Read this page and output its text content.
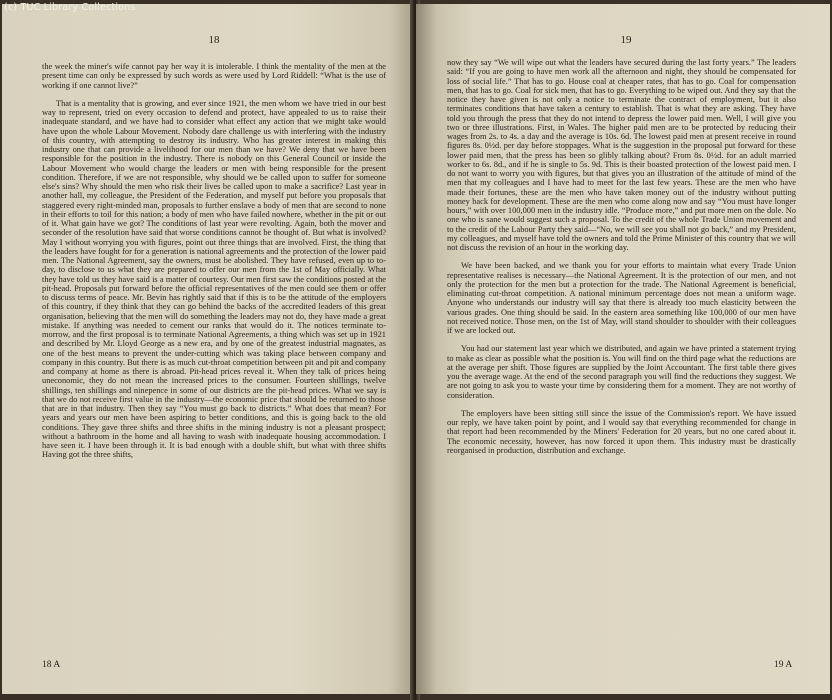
(c) TUC Library Collections
18

the week the miner's wife cannot pay her way it is intolerable. I think the mentality of the men at the present time can only be expressed by such words as were used by Lord Riddell: “What is the use of working if one cannot live?”

That is a mentality that is growing, and ever since 1921, the men whom we have tried in our best way to represent, tried on every occasion to defend and protect, have appealed to us to raise their inadequate standard, and we have had to consider what effect any action that we might take would have upon the whole Labour Movement. Nobody dare challenge us with interfering with the industry of this country, with attempting to destroy its industry. Who has greater interest in making this industry one that can provide a livelihood for our men than we have? We deny that we have been responsible for the position in the industry. There is nobody on this General Council or inside the Labour Movement who would charge the leaders or men with being responsible for the present condition. Therefore, if we are not responsible, why should we be called upon to suffer for someone else's sins? Why should the men who risk their lives be called upon to make a sacrifice? Last year in another hall, my colleague, the President of the Federation, and myself put before you proposals that staggered every right-minded man, proposals to further enslave a body of men that are second to none in their efforts to toil for this nation; a body of men who have failed nowhere, whether in the pit or out of it. What gain have we got? The conditions of last year were revolting. Again, both the mover and seconder of the resolution have said that worse conditions cannot be thought of. But what is involved? May I without worrying you with figures, point out three things that are involved. First, the thing that the leaders have fought for for a generation is national agreements and the protection of the lower paid men. The National Agreement, say the owners, must be abolished. They have refused, even up to to-day, to disclose to us what they are prepared to offer our men from the 1st of May officially. What they have told us they have said is a matter of courtesy. Our men first saw the conditions posted at the pit-head. Proposals put forward before the official representatives of the men could see them or offer to discuss terms of peace. Mr. Bevin has rightly said that if this is to be the attitude of the employers of this country, if they think that they can go behind the backs of the accredited leaders of this great organisation, believing that the men will do something the leaders may not do, they have made a great mistake. If anything was needed to cement our ranks that would do it. The notices terminate to-morrow, and the first proposal is to terminate National Agreements, a thing which was set up in 1921 and described by Mr. Lloyd George as a new era, and by one of the greatest industrial magnates, as one of the best means to prevent the under-cutting which was taking place between company and company in this country. But there is as much cut-throat competition between pit and pit and company and company at home as there is abroad. Pit-head prices reveal it. When they talk of prices being uneconomic, they do not mean the increased prices to the consumer. Fourteen shillings, twelve shillings, ten shillings and ninepence in some of our districts are the pit-head prices. What we say is that we do not receive first value in the industry—the economic price that should be returned to those that are in that industry. Then they say “You must go back to districts.” What does that mean? For years and years our men have been aspiring to better conditions, and this is going back to the old conditions. They gave three shifts and three shifts in the mining industry is not a pleasant prospect; without a bathroom in the home and all having to wash with inadequate housing accommodation. I have seen it. I have been through it. It is bad enough with a double shift, but what with three shifts Having got the three shifts,

18 A
19

now they say “We will wipe out what the leaders have secured during the last forty years.” The leaders said: “If you are going to have men work all the afternoon and night, they should be compensated for loss of social life.” That has to go. House coal at cheaper rates, that has to go. Coal for compensation men, that has to go. Coal for sick men, that has to go. Everything to be wiped out. And they say that the notice they have given is not only a notice to terminate the contract of employment, but it also terminates conditions that have taken a century to establish. That is what they are asking. They have told you through the press that they do not intend to depress the lower paid men. Well, I will give you two or three illustrations. First, in Wales. The higher paid men are to be protected by reducing their wages from 2s. to 4s. a day and the average is 10s. 6d. The lowest paid men at present receive in round figures 8s. 0½d. per day before stoppages. What is the suggestion in the proposal put forward for these lower paid men, that the press has been so glibly talking about? From 8s. 0½d. for an adult married worker to 6s. 8d., and if he is single to 5s. 9d. This is their boasted protection of the lowest paid men. I do not want to worry you with figures, but that gives you an illustration of the attitude of mind of the men that my colleagues and I have had to meet for the last few years. These are the men who have made their fortunes, these are the men who have taken money out of the industry without putting money back for development. These are the men who come along now and say “You must have longer hours,” with over 100,000 men in the industry idle. “Produce more,” and put more men on the dole. No one who is sane would suggest such a proposal. To the credit of the whole Trade Union movement and to the credit of the Labour Party they said—“No, we will see you shall not go back,” and my President, my colleagues, and myself have told the owners and told the Prime Minister of this country that we will not discuss the revision of an hour in the working day.

We have been backed, and we thank you for your efforts to maintain what every Trade Union representative realises is necessary—the National Agreement. It is the protection of our men, and not only the protection for the men but a protection for the trade. The National Agreement is beneficial, eliminating cut-throat competition. A national minimum percentage does not mean a uniform wage. Anyone who understands our industry will say that there is already too much elasticity between the various grades. One thing should be said. In the eastern area something like 100,000 of our men have not received notice. Those men, on the 1st of May, will stand shoulder to shoulder with their colleagues if we are locked out.

You had our statement last year which we distributed, and again we have printed a statement trying to make as clear as possible what the position is. You will find on the third page what the reductions are at the average per shift. Those figures are supplied by the Joint Accountant. The first table there gives you the average wage. At the end of the second paragraph you will find the reductions they suggest. We are not going to ask you to waste your time by considering them for a moment. They are not worthy of consideration.

The employers have been sitting still since the issue of the Commission's report. We have issued our reply, we have taken point by point, and I would say that everything recommended for change in that report had been recommended by the Miners' Federation for 20 years, but no one cared about it. The economic necessity, however, has now forced it upon them. This industry must be drastically reorganised in production, distribution and exchange.

19 A
